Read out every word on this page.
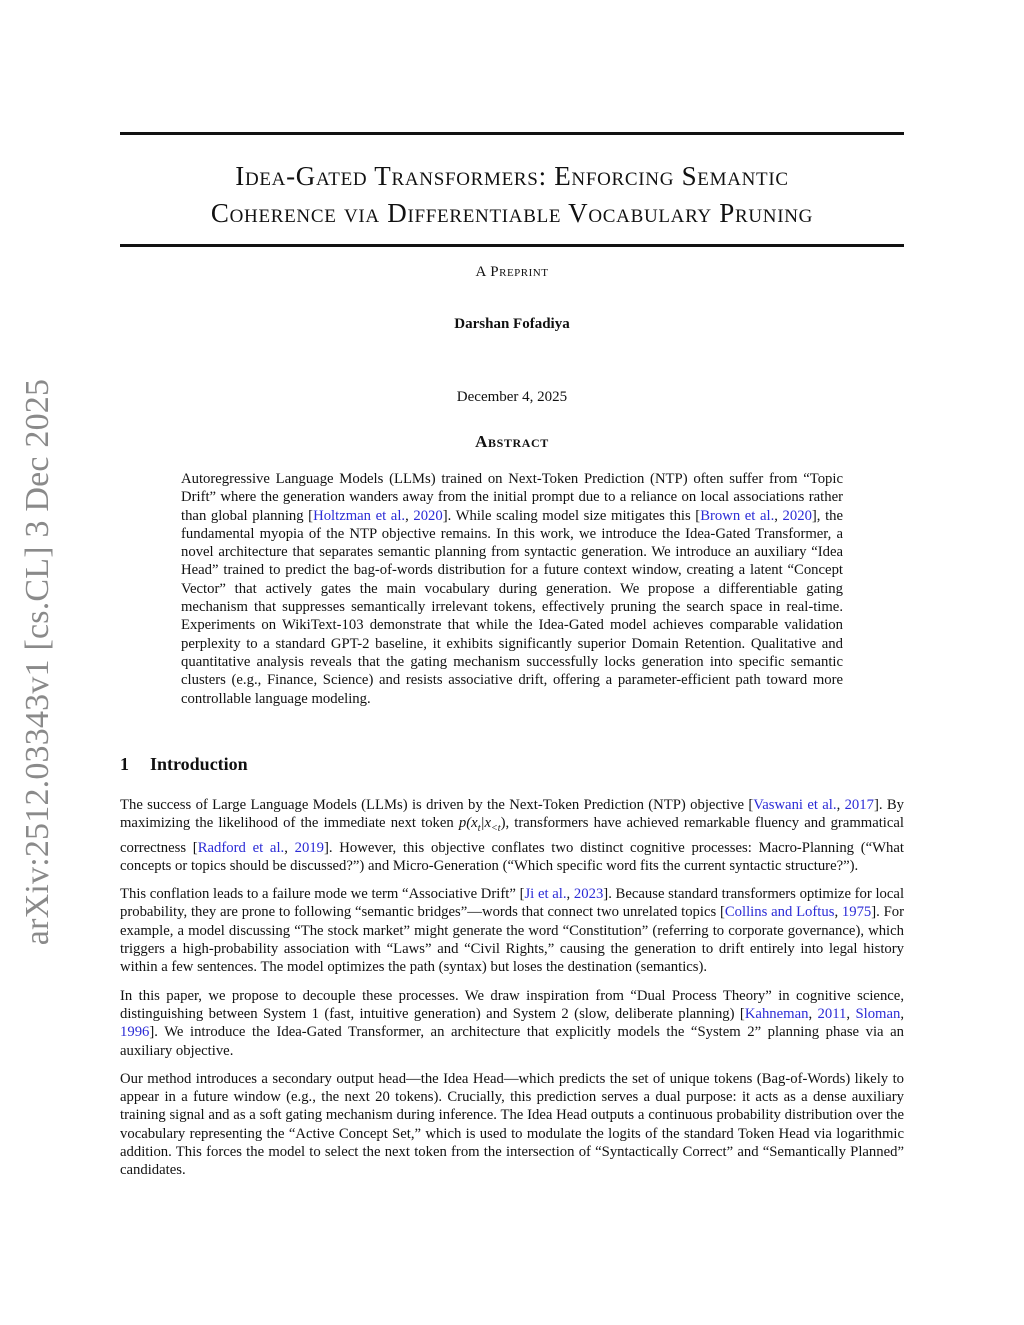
arXiv:2512.03343v1 [cs.CL] 3 Dec 2025
Idea-Gated Transformers: Enforcing Semantic
Coherence via Differentiable Vocabulary Pruning
A Preprint
Darshan Fofadiya
December 4, 2025
Abstract

Autoregressive Language Models (LLMs) trained on Next-Token Prediction (NTP) often suffer from “Topic Drift” where the generation wanders away from the initial prompt due to a reliance on local associations rather than global planning [Holtzman et al., 2020]. While scaling model size mitigates this [Brown et al., 2020], the fundamental myopia of the NTP objective remains. In this work, we introduce the Idea-Gated Transformer, a novel architecture that separates semantic planning from syntactic generation. We introduce an auxiliary “Idea Head” trained to predict the bag-of-words distribution for a future context window, creating a latent “Concept Vector” that actively gates the main vocabulary during generation. We propose a differentiable gating mechanism that suppresses semantically irrelevant tokens, effectively pruning the search space in real-time. Experiments on WikiText-103 demonstrate that while the Idea-Gated model achieves comparable validation perplexity to a standard GPT-2 baseline, it exhibits significantly superior Domain Retention. Qualitative and quantitative analysis reveals that the gating mechanism successfully locks generation into specific semantic clusters (e.g., Finance, Science) and resists associative drift, offering a parameter-efficient path toward more controllable language modeling.

1 Introduction

The success of Large Language Models (LLMs) is driven by the Next-Token Prediction (NTP) objective [Vaswani et al., 2017]. By maximizing the likelihood of the immediate next token $p(x_t|x_{<t})$, transformers have achieved remarkable fluency and grammatical correctness [Radford et al., 2019]. However, this objective conflates two distinct cognitive processes: Macro-Planning (“What concepts or topics should be discussed?”) and Micro-Generation (“Which specific word fits the current syntactic structure?”).

This conflation leads to a failure mode we term “Associative Drift” [Ji et al., 2023]. Because standard transformers optimize for local probability, they are prone to following “semantic bridges”—words that connect two unrelated topics [Collins and Loftus, 1975]. For example, a model discussing “The stock market” might generate the word “Constitution” (referring to corporate governance), which triggers a high-probability association with “Laws” and “Civil Rights,” causing the generation to drift entirely into legal history within a few sentences. The model optimizes the path (syntax) but loses the destination (semantics).

In this paper, we propose to decouple these processes. We draw inspiration from “Dual Process Theory” in cognitive science, distinguishing between System 1 (fast, intuitive generation) and System 2 (slow, deliberate planning) [Kahneman, 2011, Sloman, 1996]. We introduce the Idea-Gated Transformer, an architecture that explicitly models the “System 2” planning phase via an auxiliary objective.

Our method introduces a secondary output head—the Idea Head—which predicts the set of unique tokens (Bag-of-Words) likely to appear in a future window (e.g., the next 20 tokens). Crucially, this prediction serves a dual purpose: it acts as a dense auxiliary training signal and as a soft gating mechanism during inference. The Idea Head outputs a continuous probability distribution over the vocabulary representing the “Active Concept Set,” which is used to modulate the logits of the standard Token Head via logarithmic addition. This forces the model to select the next token from the intersection of “Syntactically Correct” and “Semantically Planned” candidates.
